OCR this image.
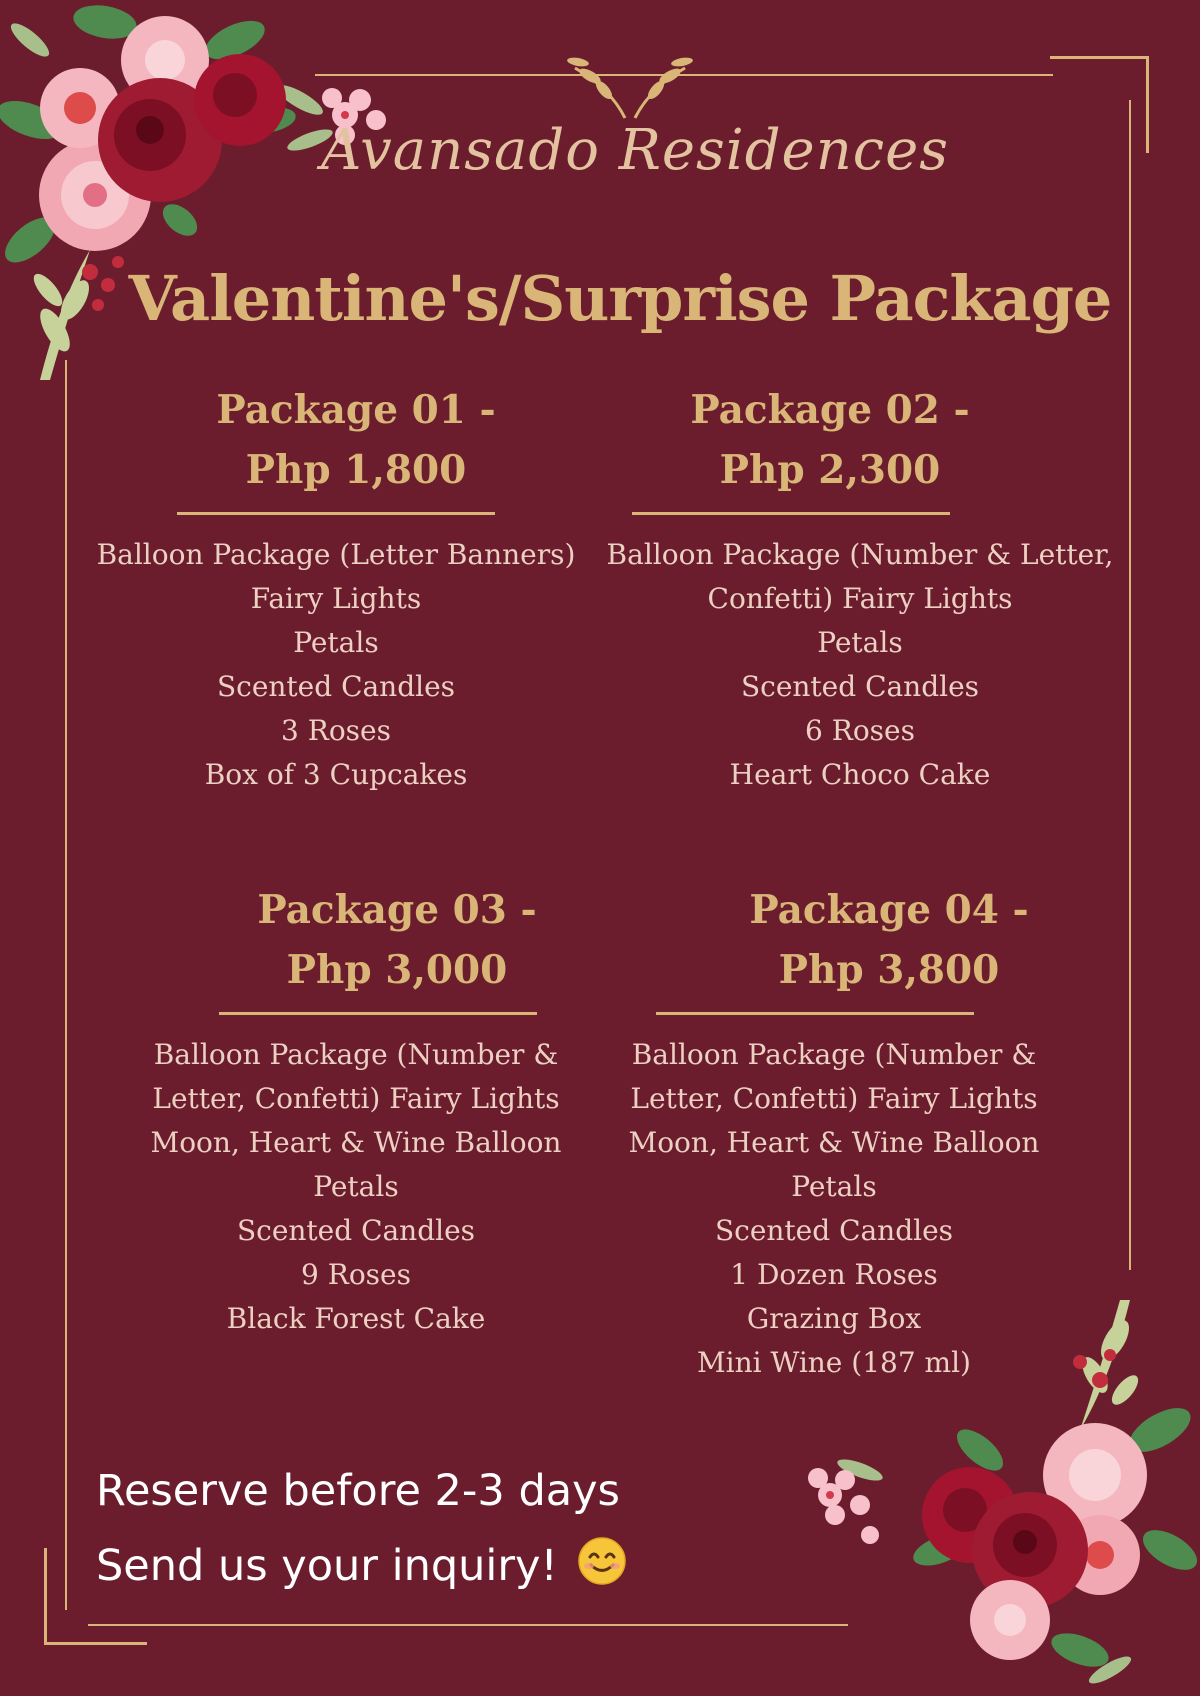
Avansado Residences
Valentine's/Surprise Package
Package 01 -
Php 1,800
Balloon Package (Letter Banners)
Fairy Lights
Petals
Scented Candles
3 Roses
Box of 3 Cupcakes
Package 02 -
Php 2,300
Balloon Package (Number & Letter,
Confetti) Fairy Lights
Petals
Scented Candles
6 Roses
Heart Choco Cake
Package 03 -
Php 3,000
Balloon Package (Number &
Letter, Confetti) Fairy Lights
Moon, Heart & Wine Balloon
Petals
Scented Candles
9 Roses
Black Forest Cake
Package 04 -
Php 3,800
Balloon Package (Number &
Letter, Confetti) Fairy Lights
Moon, Heart & Wine Balloon
Petals
Scented Candles
1 Dozen Roses
Grazing Box
Mini Wine (187 ml)
Reserve before 2-3 days
Send us your inquiry!
